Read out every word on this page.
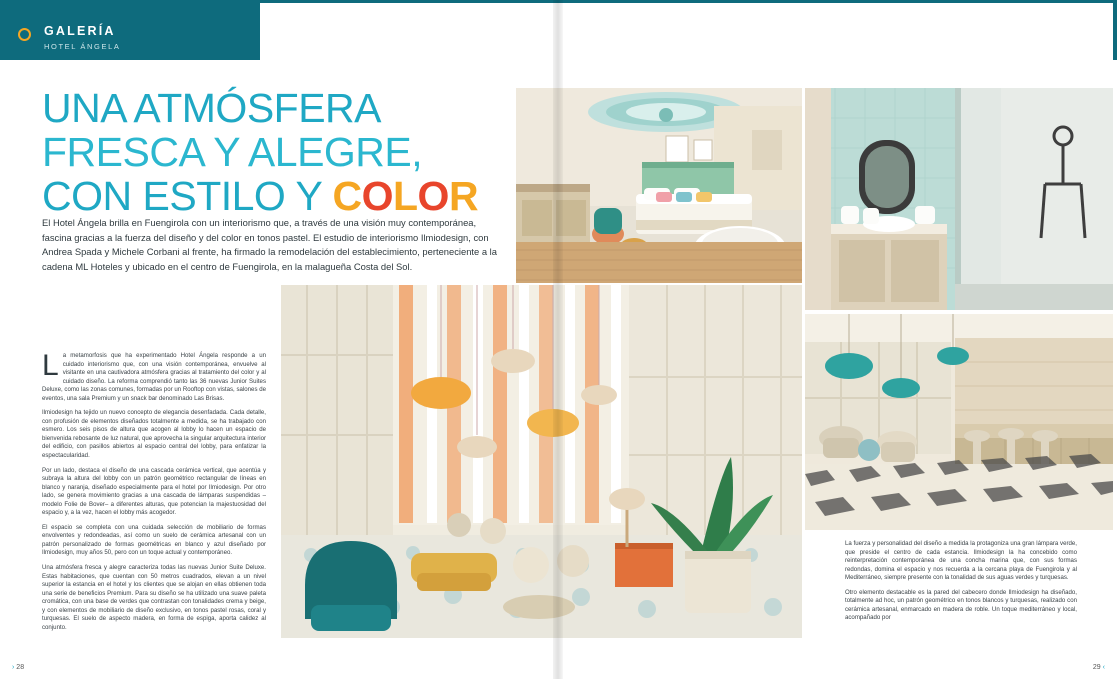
GALERÍA
HOTEL ÁNGELA
UNA ATMÓSFERA
FRESCA Y ALEGRE,
CON ESTILO Y COLOR
El Hotel Ángela brilla en Fuengirola con un interiorismo que, a través de una visión muy contemporánea, fascina gracias a la fuerza del diseño y del color en tonos pastel. El estudio de interiorismo Ilmiodesign, con Andrea Spada y Michele Corbani al frente, ha firmado la remodelación del establecimiento, perteneciente a la cadena ML Hoteles y ubicado en el centro de Fuengirola, en la malagueña Costa del Sol.

La metamorfosis que ha experimentado Hotel Ángela responde a un cuidado interiorismo que, con una visión contemporánea, envuelve al visitante en una cautivadora atmósfera gracias al tratamiento del color y al cuidado diseño. La reforma comprendió tanto las 36 nuevas Junior Suites Deluxe, como las zonas comunes, formadas por un Rooftop con vistas, salones de eventos, una sala Premium y un snack bar denominado Las Brisas.

Ilmiodesign ha tejido un nuevo concepto de elegancia desenfadada. Cada detalle, con profusión de elementos diseñados totalmente a medida, se ha trabajado con esmero. Los seis pisos de altura que acogen al lobby lo hacen un espacio de bienvenida rebosante de luz natural, que aprovecha la singular arquitectura interior del edificio, con pasillos abiertos al espacio central del lobby, para enfatizar la espectacularidad.

Por un lado, destaca el diseño de una cascada cerámica vertical, que acentúa y subraya la altura del lobby con un patrón geométrico rectangular de líneas en blanco y naranja, diseñado especialmente para el hotel por Ilmiodesign. Por otro lado, se genera movimiento gracias a una cascada de lámparas suspendidas –modelo Folie de Bover– a diferentes alturas, que potencian la majestuosidad del espacio y, a la vez, hacen el lobby más acogedor.

El espacio se completa con una cuidada selección de mobiliario de formas envolventes y redondeadas, así como un suelo de cerámica artesanal con un patrón personalizado de formas geométricas en blanco y azul diseñado por Ilmiodesign, muy años 50, pero con un toque actual y contemporáneo.

Una atmósfera fresca y alegre caracteriza todas las nuevas Junior Suite Deluxe. Estas habitaciones, que cuentan con 50 metros cuadrados, elevan a un nivel superior la estancia en el hotel y los clientes que se alojan en ellas obtienen toda una serie de beneficios Premium. Para su diseño se ha utilizado una suave paleta cromática, con una base de verdes que contrastan con tonalidades crema y beige, y con elementos de mobiliario de diseño exclusivo, en tonos pastel rosas, coral y turquesas. El suelo de aspecto madera, en forma de espiga, aporta calidez al conjunto.

La fuerza y personalidad del diseño a medida la protagoniza una gran lámpara verde, que preside el centro de cada estancia. Ilmiodesign la ha concebido como reinterpretación contemporánea de una concha marina que, con sus formas redondas, domina el espacio y nos recuerda a la cercana playa de Fuengirola y al Mediterráneo, siempre presente con la tonalidad de sus aguas verdes y turquesas.

Otro elemento destacable es la pared del cabecero donde Ilmiodesign ha diseñado, totalmente ad hoc, un patrón geométrico en tonos blancos y turquesas, realizado con cerámica artesanal, enmarcado en madera de roble. Un toque mediterráneo y local, acompañado por

› 28	29 ‹
